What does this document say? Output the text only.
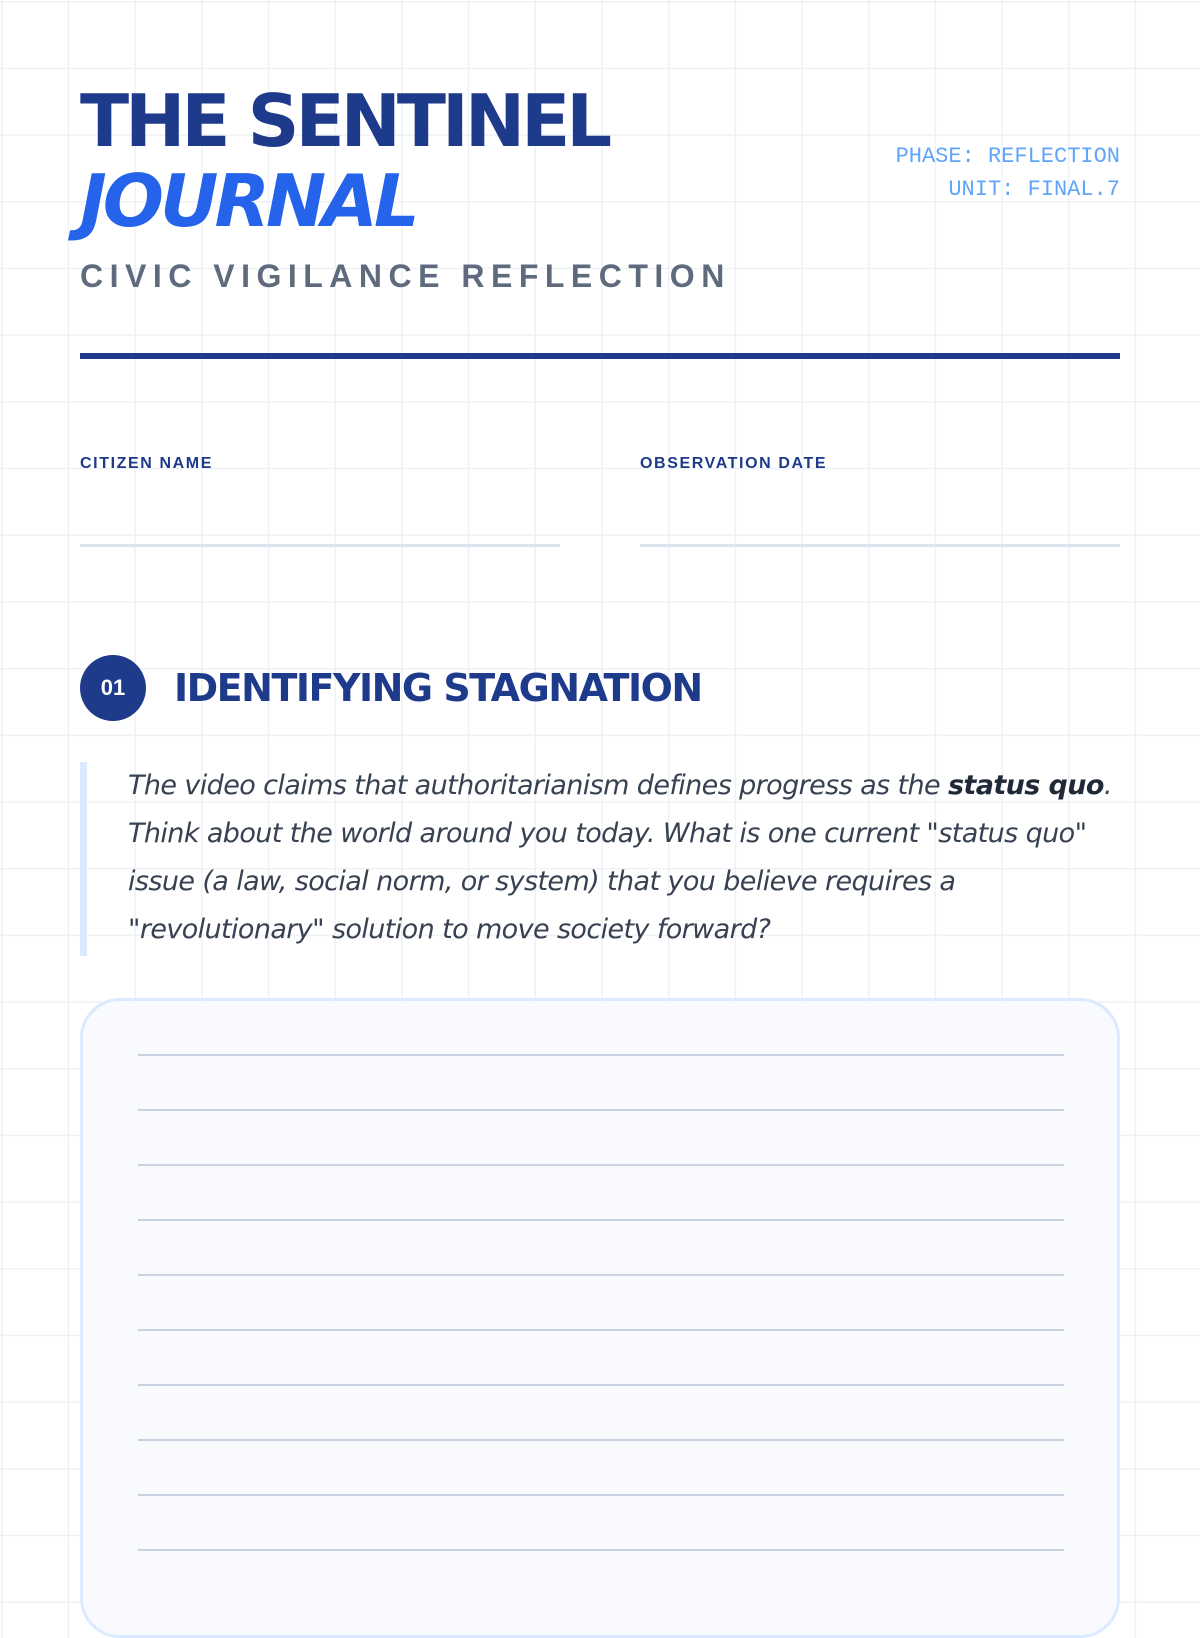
THE SENTINEL
JOURNAL
CIVIC VIGILANCE REFLECTION
PHASE: REFLECTION
UNIT: FINAL.7
CITIZEN NAME	OBSERVATION DATE
01	IDENTIFYING STAGNATION
The video claims that authoritarianism defines progress as the status quo. Think about the world around you today. What is one current "status quo" issue (a law, social norm, or system) that you believe requires a "revolutionary" solution to move society forward?
